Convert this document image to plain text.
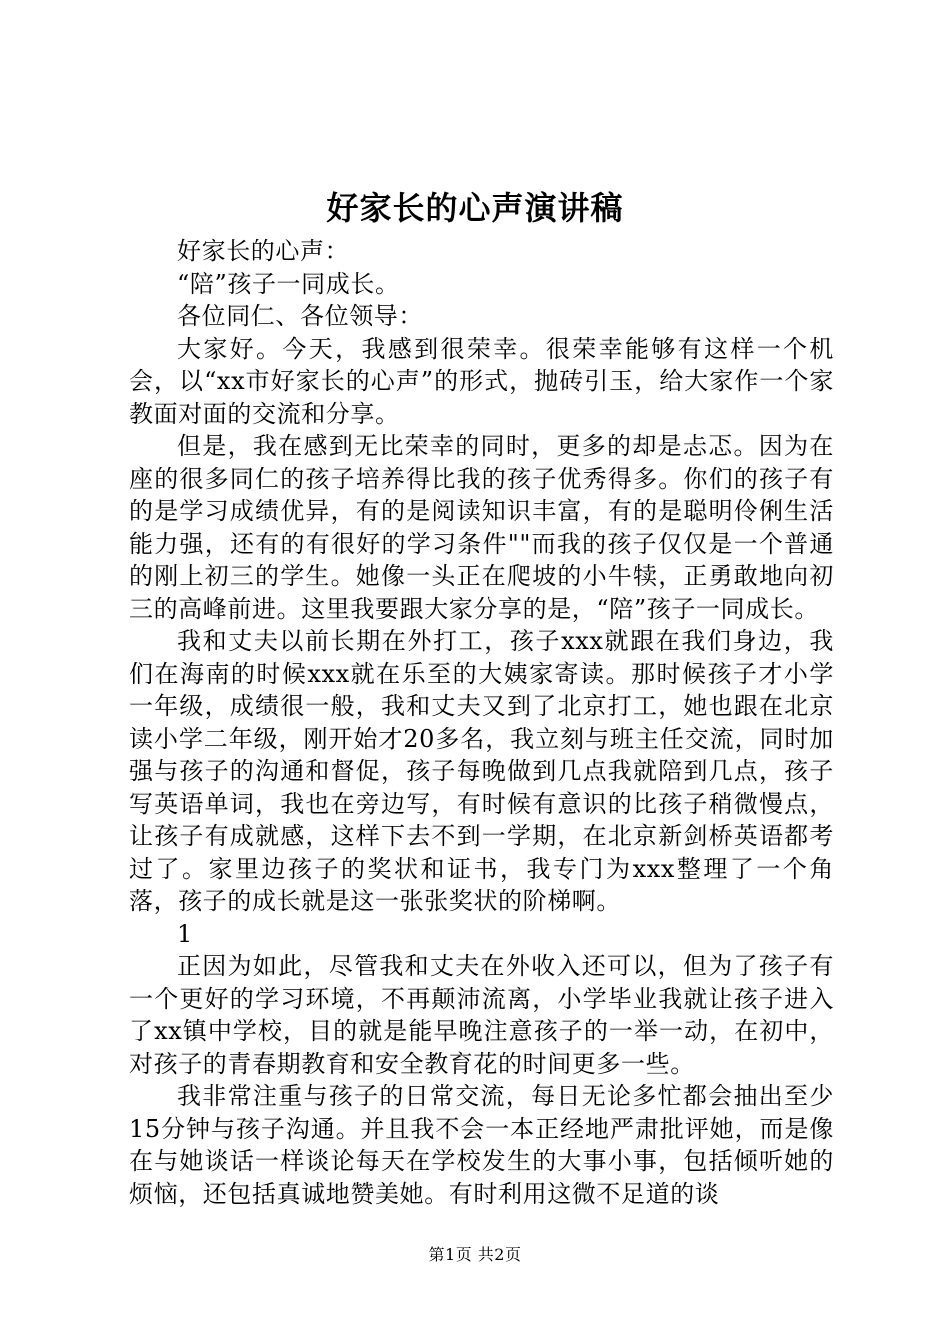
好家长的心声演讲稿

好家长的心声：

“陪”孩子一同成长。

各位同仁、各位领导：

大家好。今天，我感到很荣幸。很荣幸能够有这样一个机会，以“xx市好家长的心声”的形式，抛砖引玉，给大家作一个家教面对面的交流和分享。

但是，我在感到无比荣幸的同时，更多的却是忐忑。因为在座的很多同仁的孩子培养得比我的孩子优秀得多。你们的孩子有的是学习成绩优异，有的是阅读知识丰富，有的是聪明伶俐生活能力强，还有的有很好的学习条件""而我的孩子仅仅是一个普通的刚上初三的学生。她像一头正在爬坡的小牛犊，正勇敢地向初三的高峰前进。这里我要跟大家分享的是，“陪”孩子一同成长。

我和丈夫以前长期在外打工，孩子xxx就跟在我们身边，我们在海南的时候xxx就在乐至的大姨家寄读。那时候孩子才小学一年级，成绩很一般，我和丈夫又到了北京打工，她也跟在北京读小学二年级，刚开始才20多名，我立刻与班主任交流，同时加强与孩子的沟通和督促，孩子每晚做到几点我就陪到几点，孩子写英语单词，我也在旁边写，有时候有意识的比孩子稍微慢点，让孩子有成就感，这样下去不到一学期，在北京新剑桥英语都考过了。家里边孩子的奖状和证书，我专门为xxx整理了一个角落，孩子的成长就是这一张张奖状的阶梯啊。

1

正因为如此，尽管我和丈夫在外收入还可以，但为了孩子有一个更好的学习环境，不再颠沛流离，小学毕业我就让孩子进入了xx镇中学校，目的就是能早晚注意孩子的一举一动，在初中，对孩子的青春期教育和安全教育花的时间更多一些。

我非常注重与孩子的日常交流，每日无论多忙都会抽出至少15分钟与孩子沟通。并且我不会一本正经地严肃批评她，而是像在与她谈话一样谈论每天在学校发生的大事小事，包括倾听她的烦恼，还包括真诚地赞美她。有时利用这微不足道的谈

第1页 共2页
